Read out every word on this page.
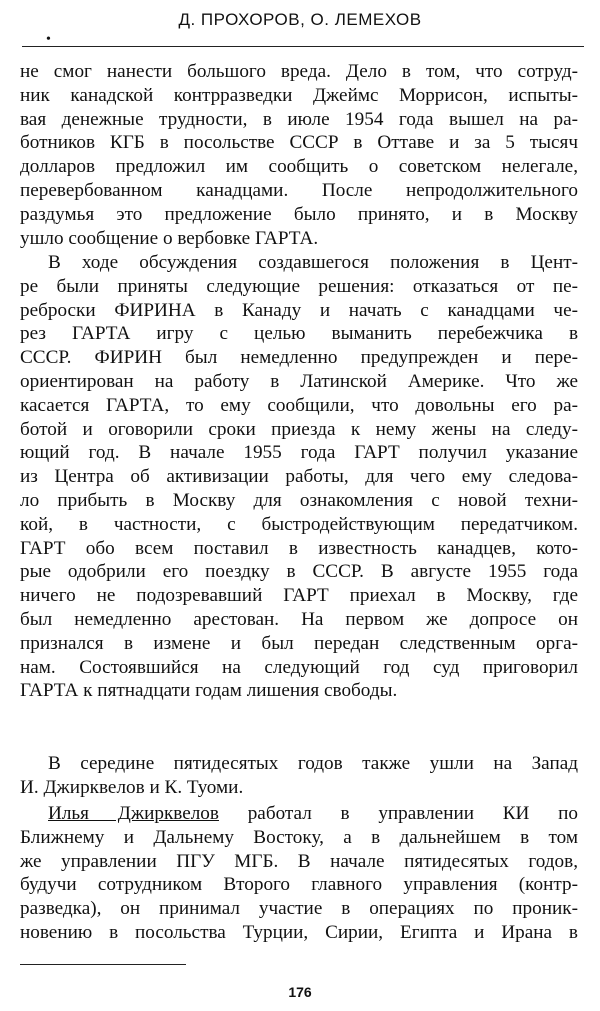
Д. ПРОХОРОВ, О. ЛЕМЕХОВ
•
не смог нанести большого вреда. Дело в том, что сотруд-
ник канадской контрразведки Джеймс Моррисон, испыты-
вая денежные трудности, в июле 1954 года вышел на ра-
ботников КГБ в посольстве СССР в Оттаве и за 5 тысяч
долларов предложил им сообщить о советском нелегале,
перевербованном канадцами. После непродолжительного
раздумья это предложение было принято, и в Москву
ушло сообщение о вербовке ГАРТА.
В ходе обсуждения создавшегося положения в Цент-
ре были приняты следующие решения: отказаться от пе-
реброски ФИРИНА в Канаду и начать с канадцами че-
рез ГАРТА игру с целью выманить перебежчика в
СССР. ФИРИН был немедленно предупрежден и пере-
ориентирован на работу в Латинской Америке. Что же
касается ГАРТА, то ему сообщили, что довольны его ра-
ботой и оговорили сроки приезда к нему жены на следу-
ющий год. В начале 1955 года ГАРТ получил указание
из Центра об активизации работы, для чего ему следова-
ло прибыть в Москву для ознакомления с новой техни-
кой, в частности, с быстродействующим передатчиком.
ГАРТ обо всем поставил в известность канадцев, кото-
рые одобрили его поездку в СССР. В августе 1955 года
ничего не подозревавший ГАРТ приехал в Москву, где
был немедленно арестован. На первом же допросе он
признался в измене и был передан следственным орга-
нам. Состоявшийся на следующий год суд приговорил
ГАРТА к пятнадцати годам лишения свободы.
В середине пятидесятых годов также ушли на Запад
И. Джирквелов и К. Туоми.
Илья Джирквелов работал в управлении КИ по
Ближнему и Дальнему Востоку, а в дальнейшем в том
же управлении ПГУ МГБ. В начале пятидесятых годов,
будучи сотрудником Второго главного управления (контр-
разведка), он принимал участие в операциях по проник-
новению в посольства Турции, Сирии, Египта и Ирана в
176
